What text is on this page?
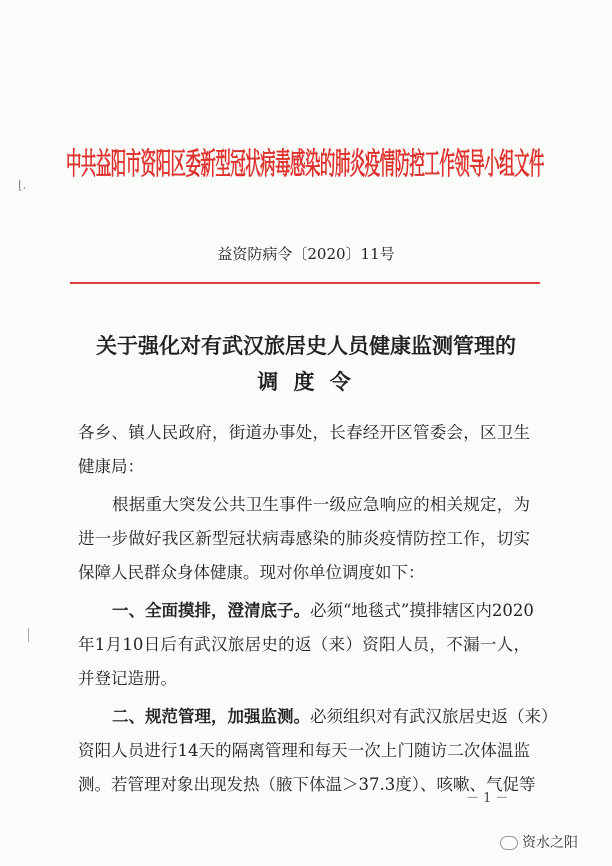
⌊.
中共益阳市资阳区委新型冠状病毒感染的肺炎疫情防控工作领导小组文件
益资防病令〔2020〕11号
关于强化对有武汉旅居史人员健康监测管理的
调 度 令
各乡、镇人民政府，街道办事处，长春经开区管委会，区卫生
健康局：
根据重大突发公共卫生事件一级应急响应的相关规定，为
进一步做好我区新型冠状病毒感染的肺炎疫情防控工作，切实
保障人民群众身体健康。现对你单位调度如下：
一、全面摸排，澄清底子。必须“地毯式”摸排辖区内2020
年1月10日后有武汉旅居史的返（来）资阳人员，不漏一人，
并登记造册。
－ 1 －
资水之阳
二、规范管理，加强监测。必须组织对有武汉旅居史返（来）
资阳人员进行14天的隔离管理和每天一次上门随访二次体温监
测。若管理对象出现发热（腋下体温＞37.3度）、咳嗽、气促等
